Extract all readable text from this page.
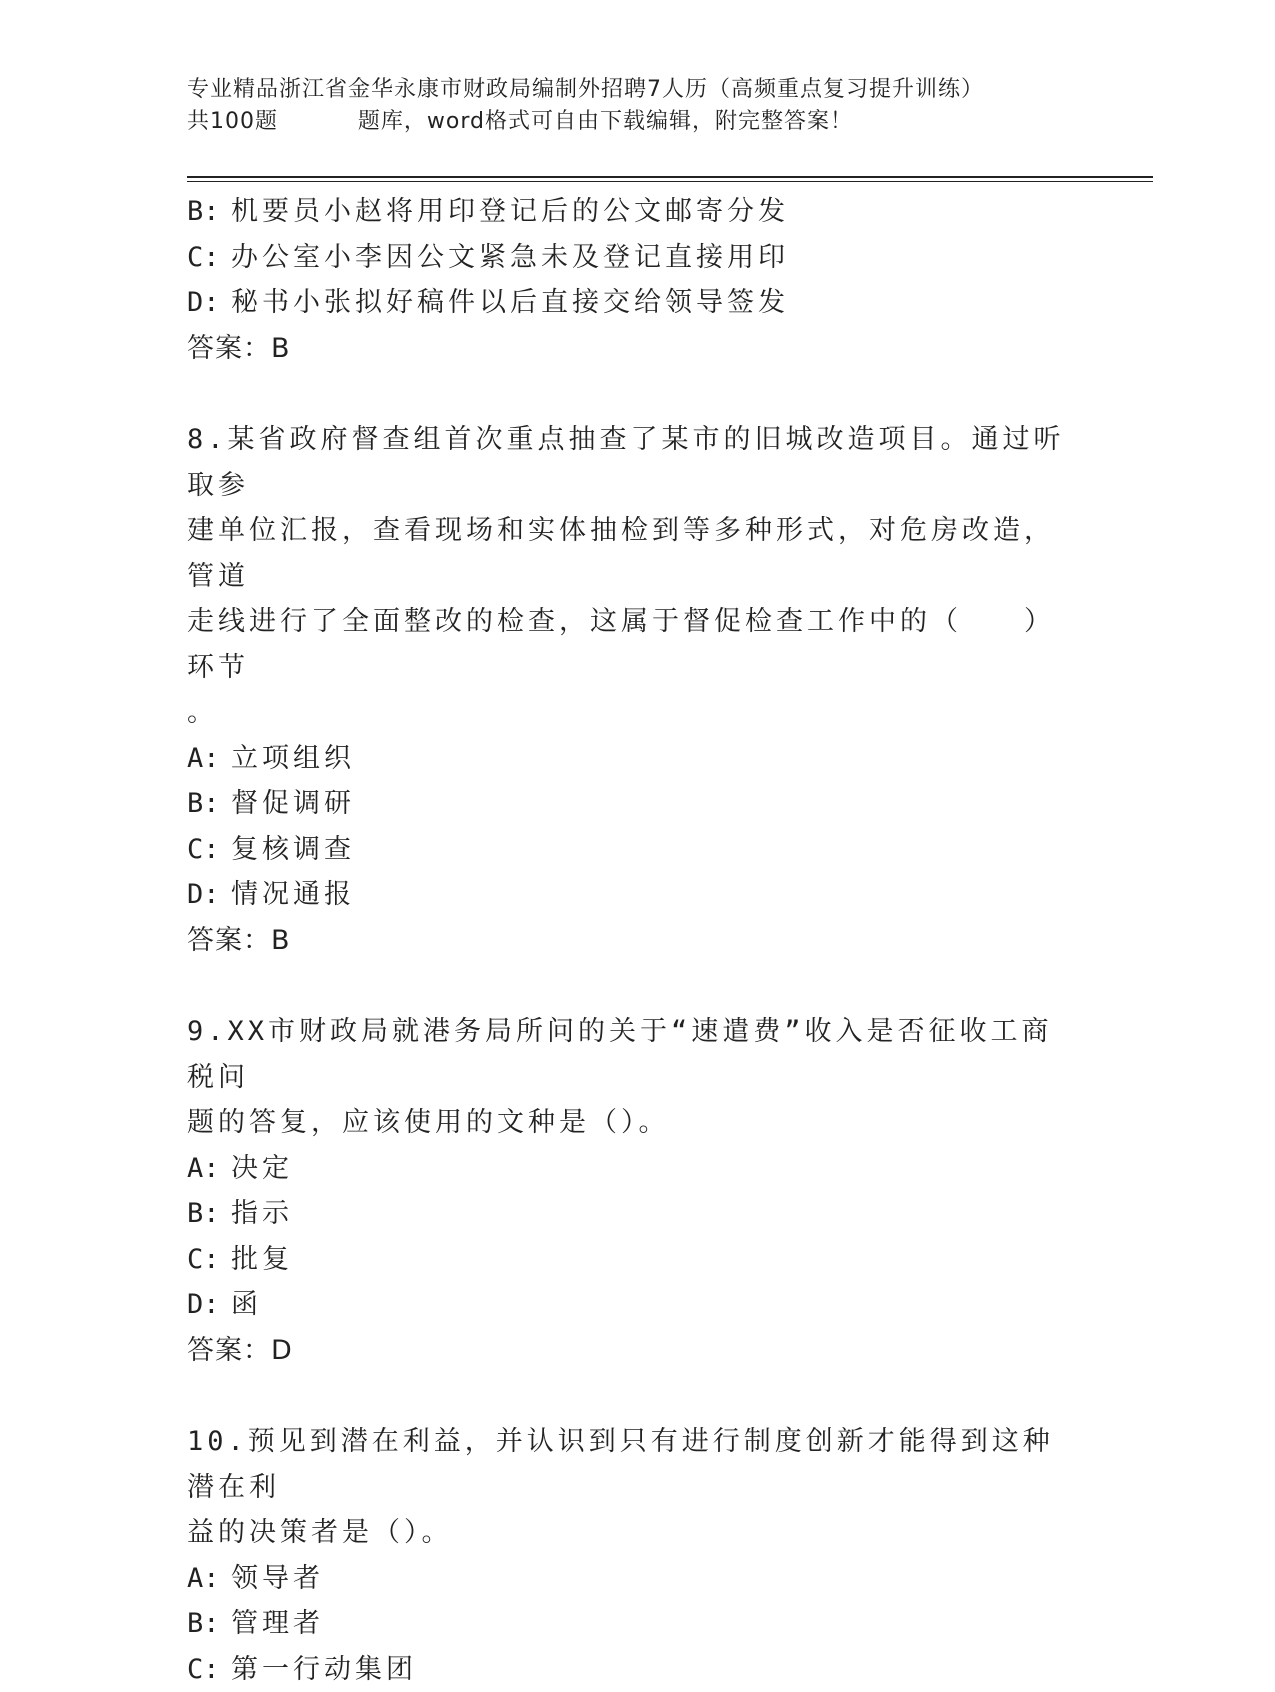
专业精品浙江省金华永康市财政局编制外招聘7人历（高频重点复习提升训练）
共100题          题库，word格式可自由下载编辑，附完整答案！

B: 机要员小赵将用印登记后的公文邮寄分发

C: 办公室小李因公文紧急未及登记直接用印

D: 秘书小张拟好稿件以后直接交给领导签发

答案：B

8.某省政府督查组首次重点抽查了某市的旧城改造项目。通过听取参

建单位汇报，查看现场和实体抽检到等多种形式，对危房改造，管道

走线进行了全面整改的检查，这属于督促检查工作中的（　　）环节

。

A: 立项组织

B: 督促调研

C: 复核调查

D: 情况通报

答案：B

9.XX市财政局就港务局所问的关于“速遣费”收入是否征收工商税问

题的答复，应该使用的文种是（）。

A: 决定

B: 指示

C: 批复

D: 函

答案：D

10.预见到潜在利益，并认识到只有进行制度创新才能得到这种潜在利

益的决策者是（）。

A: 领导者

B: 管理者

C: 第一行动集团
